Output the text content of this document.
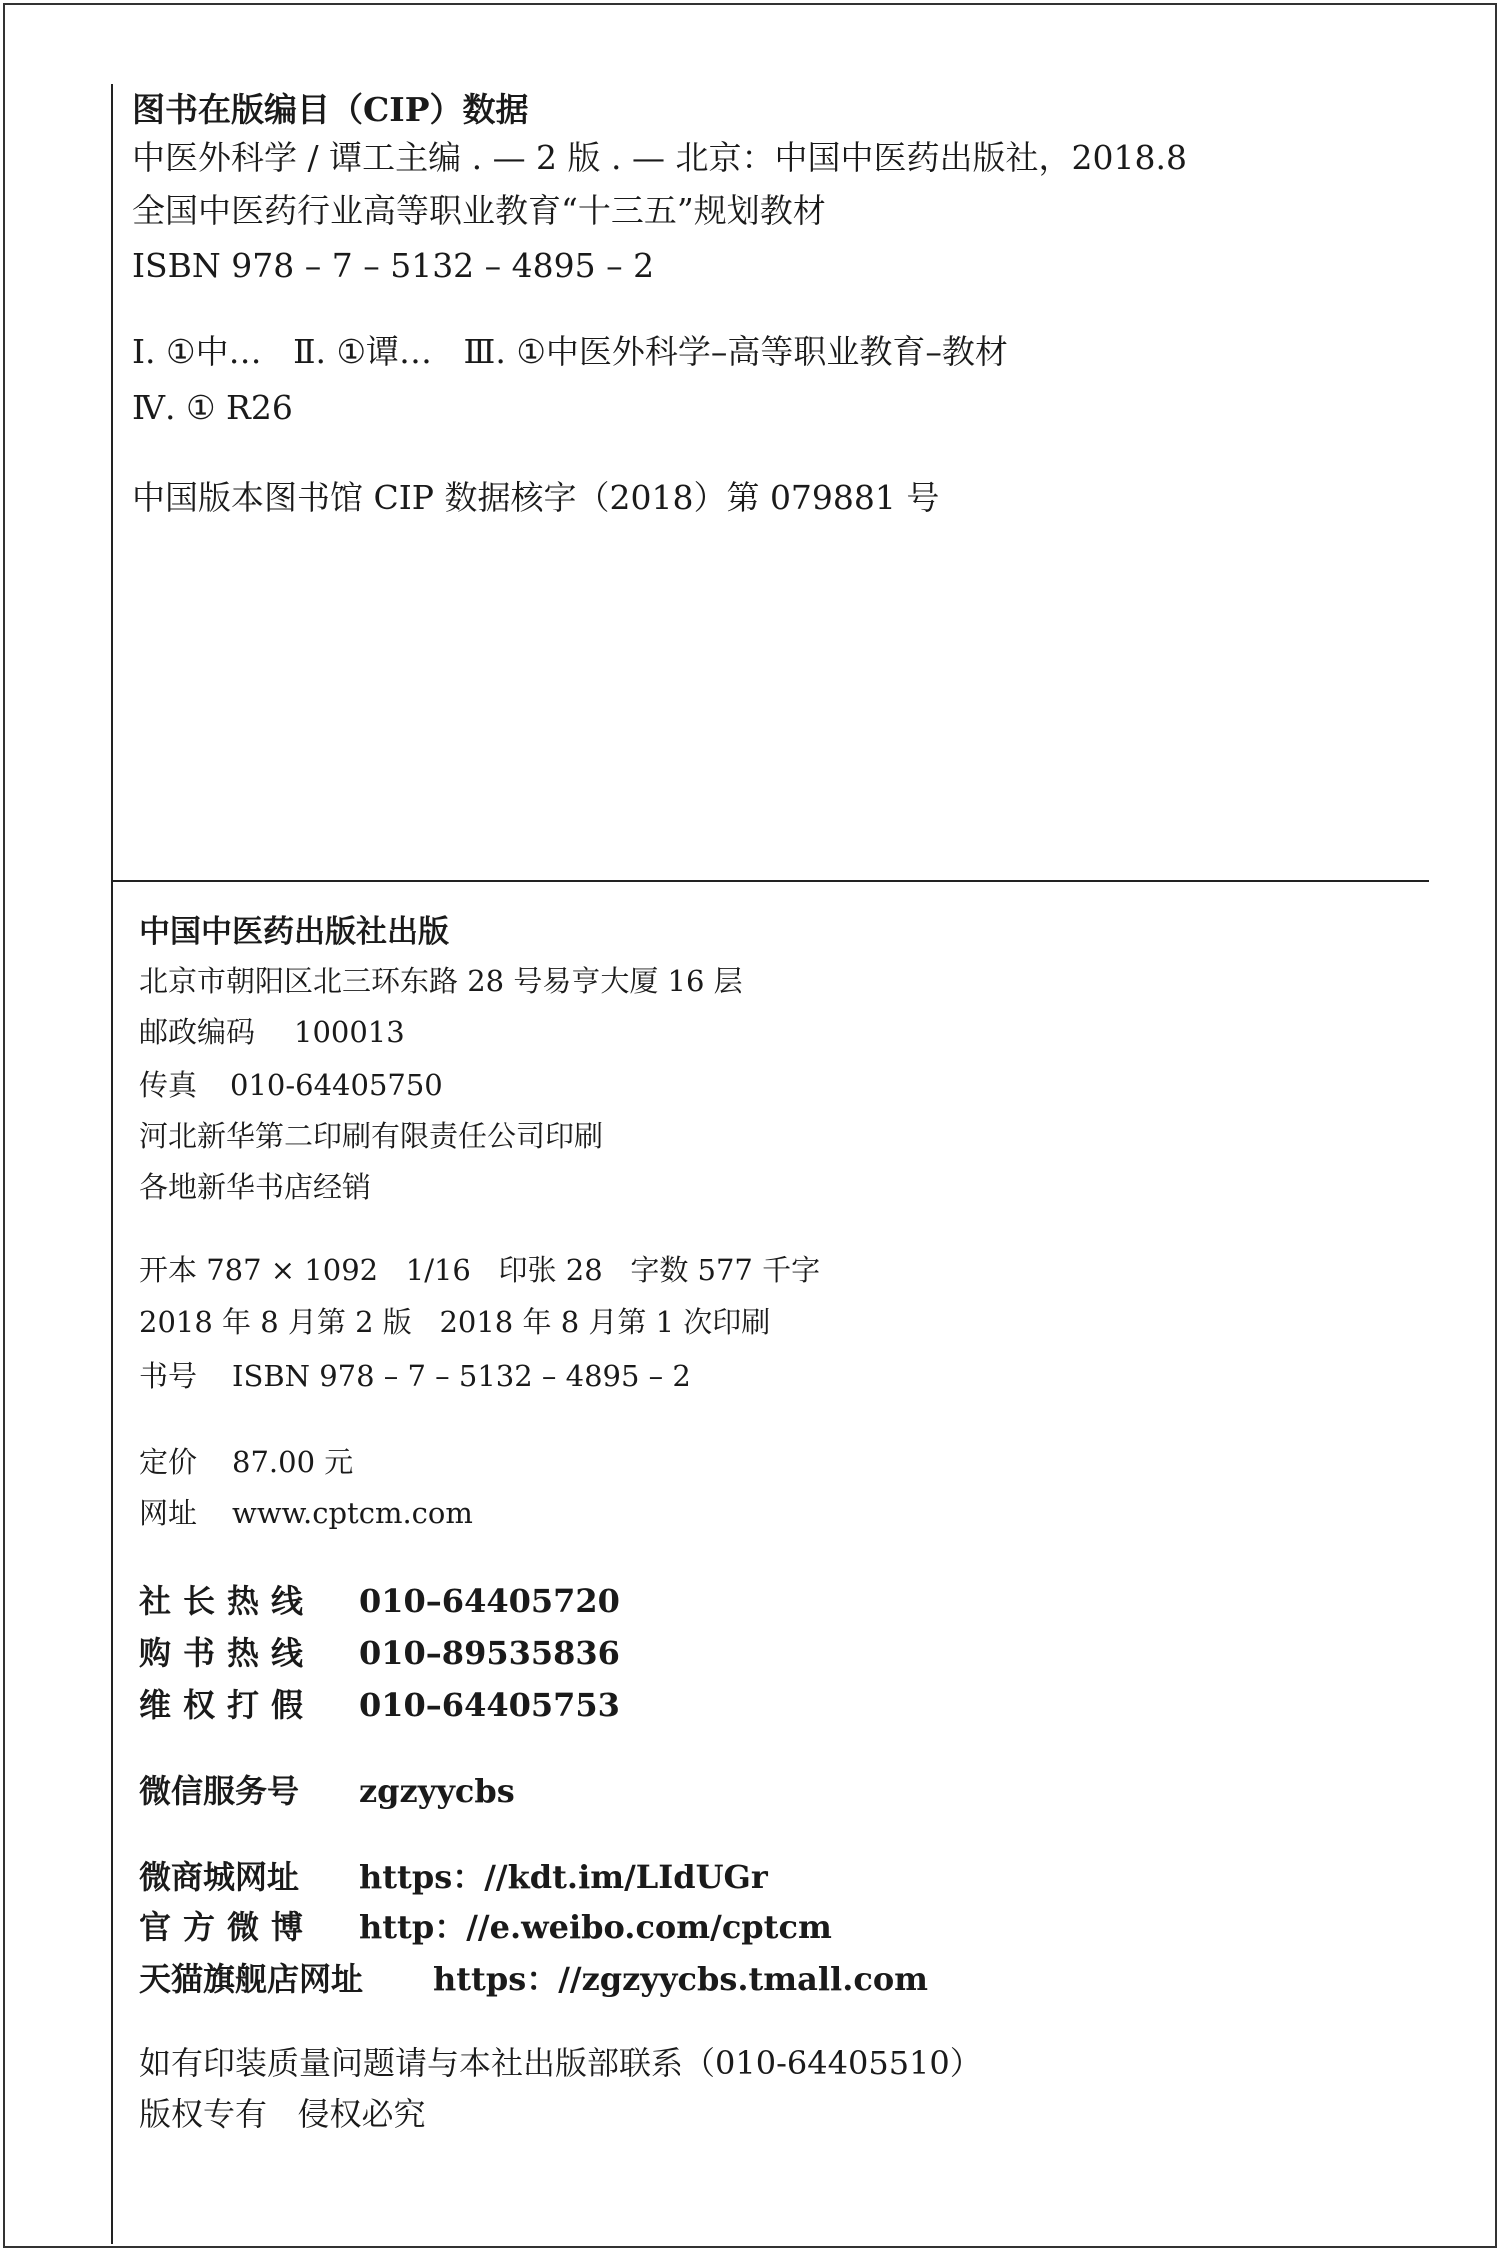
图书在版编目（CIP）数据
中医外科学 / 谭工主编 . — 2 版 . — 北京：中国中医药出版社，2018.8
全国中医药行业高等职业教育“十三五”规划教材
ISBN 978 – 7 – 5132 – 4895 – 2
Ⅰ. ①中…   Ⅱ. ①谭…   Ⅲ. ①中医外科学–高等职业教育–教材
Ⅳ. ① R26
中国版本图书馆 CIP 数据核字（2018）第 079881 号
中国中医药出版社出版
北京市朝阳区北三环东路 28 号易亨大厦 16 层
邮政编码 100013
传真 010-64405750
河北新华第二印刷有限责任公司印刷
各地新华书店经销
开本 787 × 1092   1/16   印张 28   字数 577 千字
2018 年 8 月第 2 版   2018 年 8 月第 1 次印刷
书号 ISBN 978 – 7 – 5132 – 4895 – 2
定价 87.00 元
网址 www.cptcm.com
社长热线 010–64405720
购书热线 010–89535836
维权打假 010–64405753
微信服务号 zgzyycbs
微商城网址 https：//kdt.im/LIdUGr
官方微博 http：//e.weibo.com/cptcm
天猫旗舰店网址 https：//zgzyycbs.tmall.com
如有印装质量问题请与本社出版部联系（010-64405510）
版权专有   侵权必究
